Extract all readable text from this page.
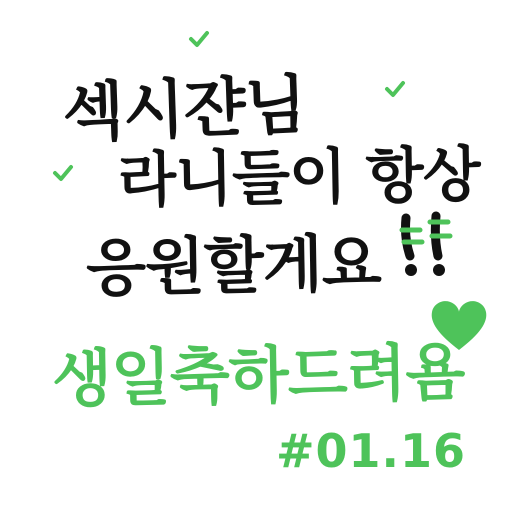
섹시쟌님
라니들이 항상
응원할게요
생일축하드려욤
#01.16
